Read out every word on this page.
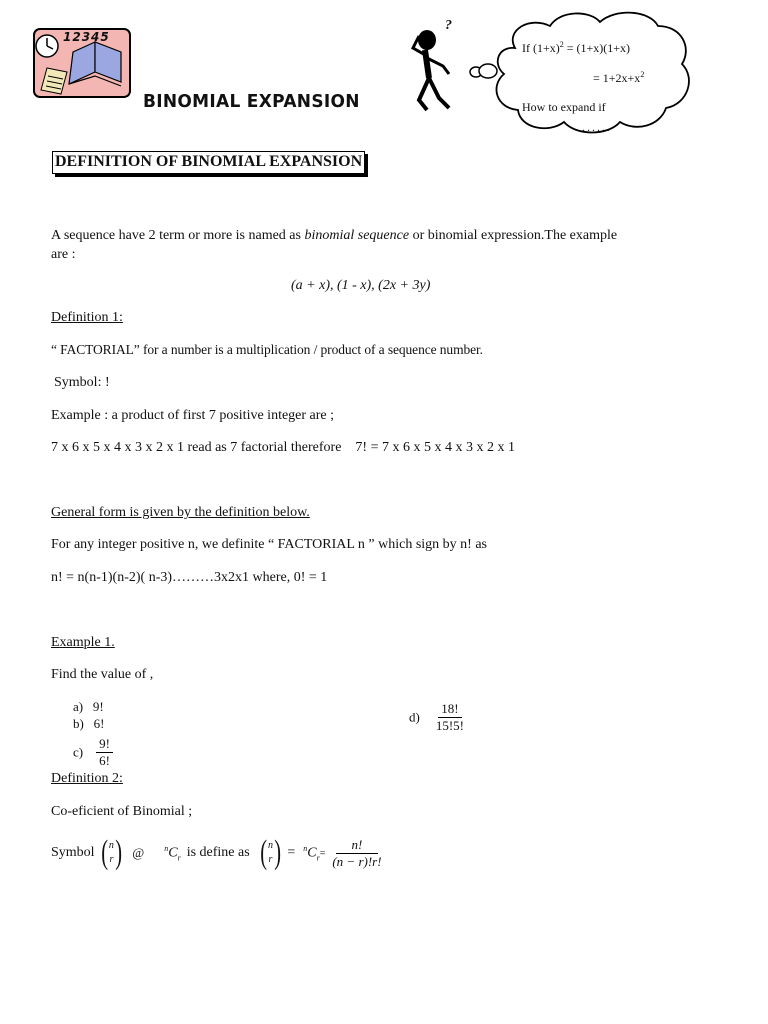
12345
BINOMIAL EXPANSION
?
If $(1+x)^2 = (1+x)(1+x)$
= $1+2x+x^2$
How to expand if
......
DEFINITION OF BINOMIAL EXPANSION
A sequence have 2 term or more is named as binomial sequence or binomial expression.The example
are :
(a + x), (1 - x), (2x + 3y)
Definition 1:
“ FACTORIAL” for a number is a multiplication / product of a sequence number.
Symbol: !
Example : a product of first 7 positive integer are ;
7 x 6 x 5 x 4 x 3 x 2 x 1 read as 7 factorial therefore    7! = 7 x 6 x 5 x 4 x 3 x 2 x 1
General form is given by the definition below.
For any integer positive n, we definite “ FACTORIAL n ” which sign by n! as
n! = n(n-1)(n-2)( n-3)………3x2x1 where, 0! = 1
Example 1.
Find the value of ,
a) 9!
b) 6!
$c) \frac{9!}{6!}$
$d) \frac{18!}{15!5!}$
Definition 2:
Co-eficient of Binomial ;
Symbol ( n
r ) @	$^nC_r$ is define as ( n
r ) = $^nC_r= \frac{n!}{(n - r)!r!}$
